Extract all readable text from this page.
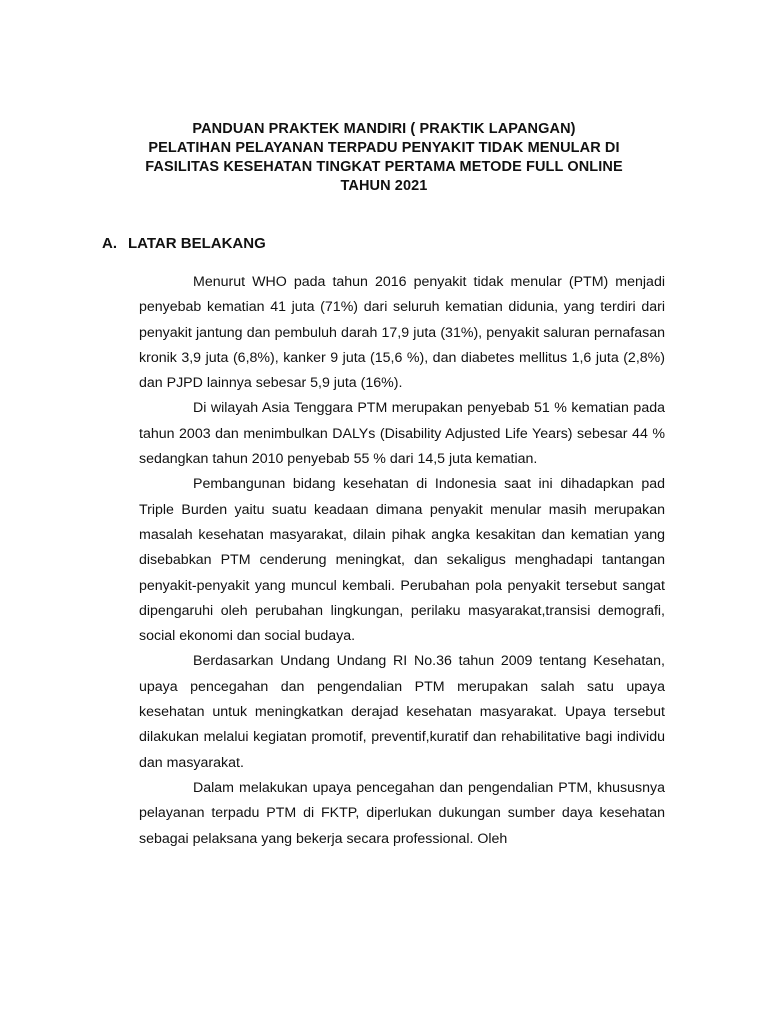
PANDUAN PRAKTEK MANDIRI ( PRAKTIK LAPANGAN)
PELATIHAN PELAYANAN TERPADU PENYAKIT TIDAK MENULAR DI
FASILITAS KESEHATAN TINGKAT PERTAMA METODE FULL ONLINE
TAHUN 2021
A. LATAR BELAKANG

Menurut WHO pada tahun 2016 penyakit tidak menular (PTM) menjadi penyebab kematian 41 juta (71%) dari seluruh kematian didunia, yang terdiri dari penyakit jantung dan pembuluh darah 17,9 juta (31%), penyakit saluran pernafasan kronik 3,9 juta (6,8%), kanker 9 juta (15,6 %), dan diabetes mellitus 1,6 juta (2,8%) dan PJPD lainnya sebesar 5,9 juta (16%).

Di wilayah Asia Tenggara PTM merupakan penyebab 51 % kematian pada tahun 2003 dan menimbulkan DALYs (Disability Adjusted Life Years) sebesar 44 % sedangkan tahun 2010 penyebab 55 % dari 14,5 juta kematian.

Pembangunan bidang kesehatan di Indonesia saat ini dihadapkan pad Triple Burden yaitu suatu keadaan dimana penyakit menular masih merupakan masalah kesehatan masyarakat, dilain pihak angka kesakitan dan kematian yang disebabkan PTM cenderung meningkat, dan sekaligus menghadapi tantangan penyakit-penyakit yang muncul kembali. Perubahan pola penyakit tersebut sangat dipengaruhi oleh perubahan lingkungan, perilaku masyarakat,transisi demografi, social ekonomi dan social budaya.

Berdasarkan Undang Undang RI No.36 tahun 2009 tentang Kesehatan, upaya pencegahan dan pengendalian PTM merupakan salah satu upaya kesehatan untuk meningkatkan derajad kesehatan masyarakat. Upaya tersebut dilakukan melalui kegiatan promotif, preventif,kuratif dan rehabilitative bagi individu dan masyarakat.

Dalam melakukan upaya pencegahan dan pengendalian PTM, khususnya pelayanan terpadu PTM di FKTP, diperlukan dukungan sumber daya kesehatan sebagai pelaksana yang bekerja secara professional. Oleh
